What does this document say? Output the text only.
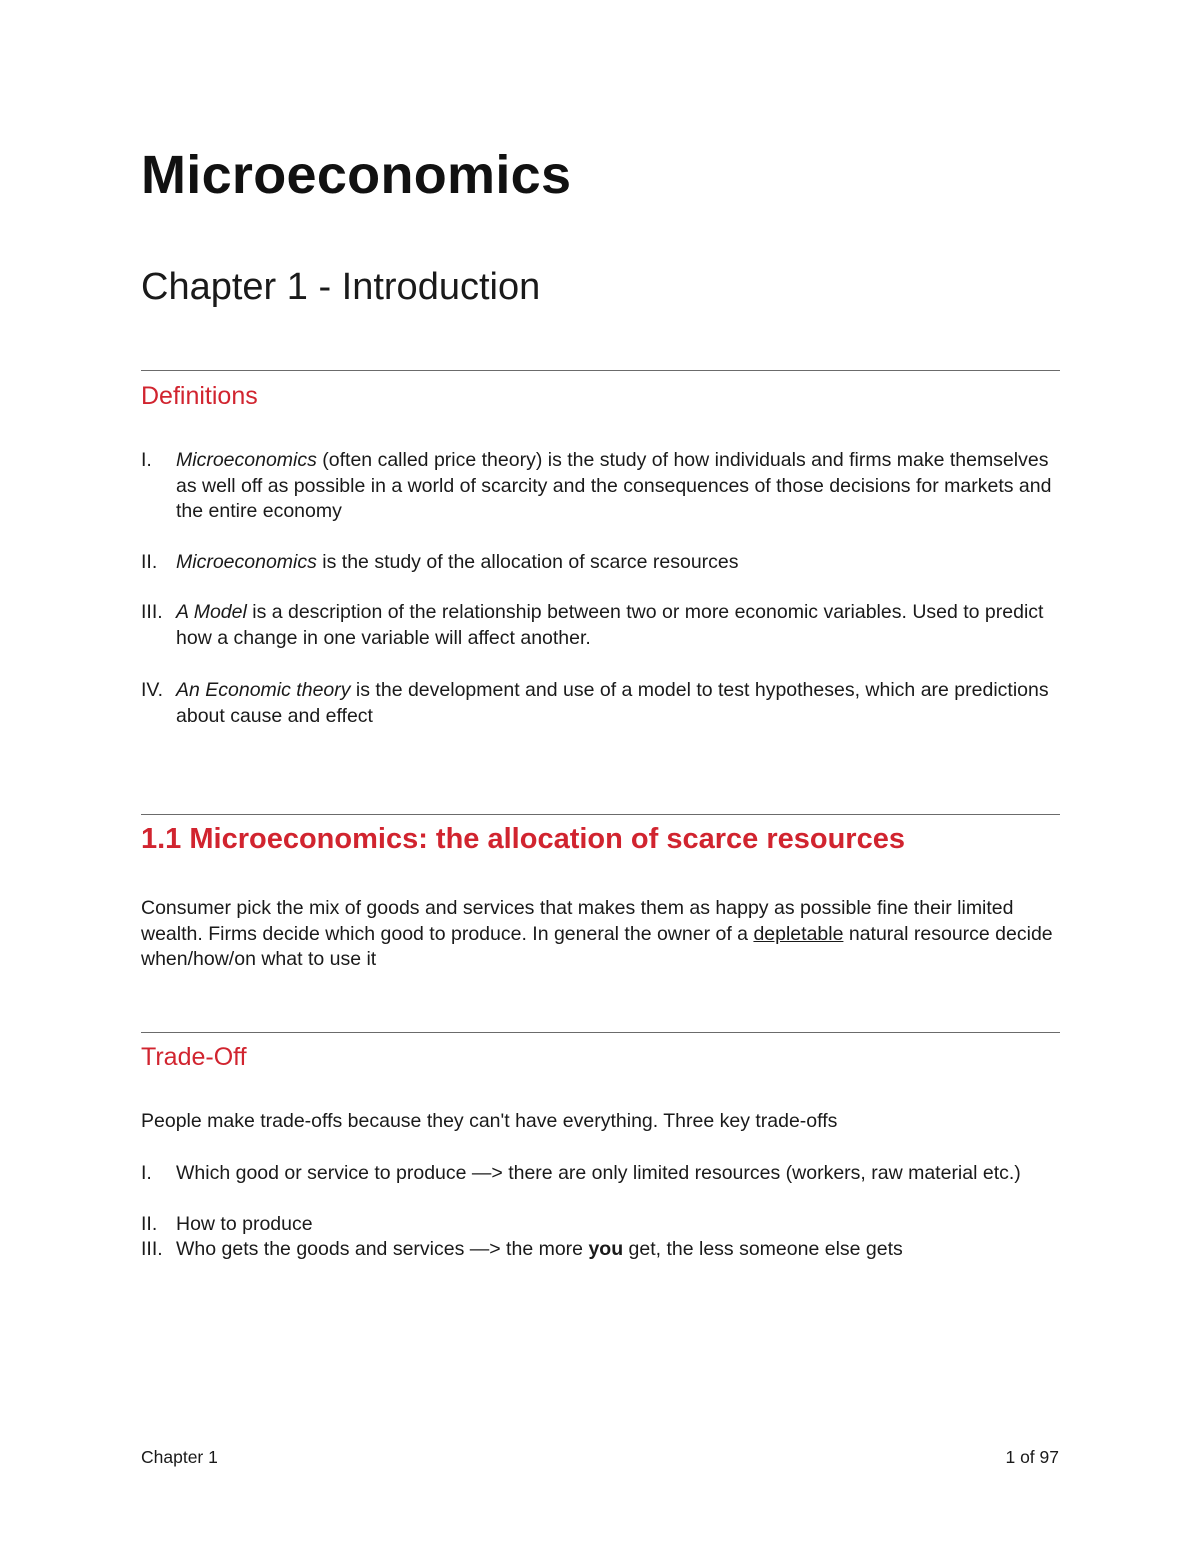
Microeconomics
Chapter 1 - Introduction
Definitions
I.	Microeconomics (often called price theory) is the study of how individuals and firms make themselves as well off as possible in a world of scarcity and the consequences of those decisions for markets and the entire economy
II. Microeconomics is the study of the allocation of scarce resources
III. A Model is a description of the relationship between two or more economic variables. Used to predict how a change in one variable will affect another.
IV. An Economic theory is the development and use of a model to test hypotheses, which are predictions about cause and effect
1.1 Microeconomics: the allocation of scarce resources

Consumer pick the mix of goods and services that makes them as happy as possible fine their limited wealth. Firms decide which good to produce. In general the owner of a depletable natural resource decide when/how/on what to use it

Trade-Off

People make trade-offs because they can't have everything. Three key trade-offs

I.	Which good or service to produce —> there are only limited resources (workers, raw material etc.)
II. How to produce
III. Who gets the goods and services —> the more you get, the less someone else gets
Chapter 1	1 of 97
